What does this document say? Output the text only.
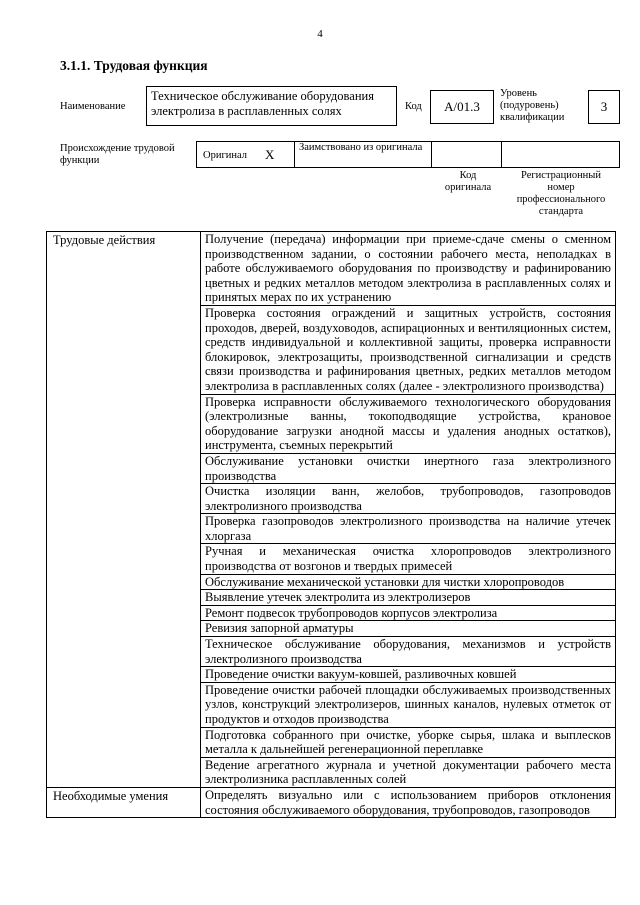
4
3.1.1. Трудовая функция
Наименование
Техническое обслуживание оборудования электролиза в расплавленных солях	Код	А/01.3
Уровень (подуровень) квалификации
3
Происхождение трудовой функции	Оригинал Х Заимствовано из оригинала
Код оригинала
Регистрационный номер профессионального стандарта
Трудовые действия	Получение (передача) информации при приеме-сдаче смены о сменном производственном задании, о состоянии рабочего места, неполадках в работе обслуживаемого оборудования по производству и рафинированию цветных и редких металлов методом электролиза в расплавленных солях и принятых мерах по их устранению
	Проверка состояния ограждений и защитных устройств, состояния проходов, дверей, воздуховодов, аспирационных и вентиляционных систем, средств индивидуальной и коллективной защиты, проверка исправности блокировок, электрозащиты, производственной сигнализации и средств связи производства и рафинирования цветных, редких металлов методом электролиза в расплавленных солях (далее - электролизного производства)
	Проверка исправности обслуживаемого технологического оборудования (электролизные ванны, токоподводящие устройства, крановое оборудование загрузки анодной массы и удаления анодных остатков), инструмента, съемных перекрытий
	Обслуживание установки очистки инертного газа электролизного производства
	Очистка изоляции ванн, желобов, трубопроводов, газопроводов электролизного производства
	Проверка газопроводов электролизного производства на наличие утечек хлоргаза
	Ручная и механическая очистка хлоропроводов электролизного производства от возгонов и твердых примесей
	Обслуживание механической установки для чистки хлоропроводов
	Выявление утечек электролита из электролизеров
	Ремонт подвесок трубопроводов корпусов электролиза
	Ревизия запорной арматуры
	Техническое обслуживание оборудования, механизмов и устройств электролизного производства
	Проведение очистки вакуум-ковшей, разливочных ковшей
	Проведение очистки рабочей площадки обслуживаемых производственных узлов, конструкций электролизеров, шинных каналов, нулевых отметок от продуктов и отходов производства
	Подготовка собранного при очистке, уборке сырья, шлака и выплесков металла к дальнейшей регенерационной переплавке
	Ведение агрегатного журнала и учетной документации рабочего места электролизника расплавленных солей
Необходимые умения	Определять визуально или с использованием приборов отклонения состояния обслуживаемого оборудования, трубопроводов, газопроводов
